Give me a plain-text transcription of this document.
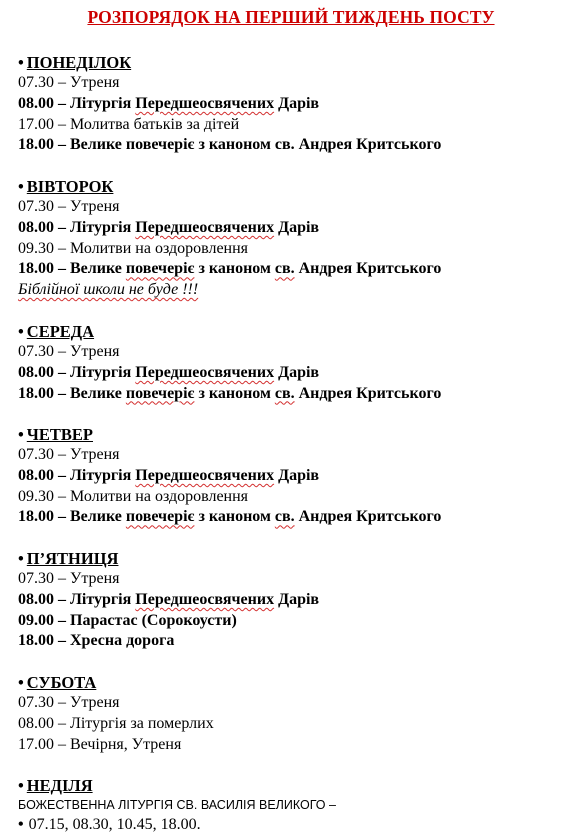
РОЗПОРЯДОК НА ПЕРШИЙ ТИЖДЕНЬ ПОСТУ
• ПОНЕДІЛОК
07.30 – Утреня
08.00 – Літургія Передшеосвячених Дарів
17.00 – Молитва батьків за дітей
18.00 – Велике повечеріє з каноном св. Андрея Критського
• ВІВТОРОК
07.30 – Утреня
08.00 – Літургія Передшеосвячених Дарів
09.30 – Молитви на оздоровлення
18.00 – Велике повечеріє з каноном св. Андрея Критського
Біблійної школи не буде !!!
• СЕРЕДА
07.30 – Утреня
08.00 – Літургія Передшеосвячених Дарів
18.00 – Велике повечеріє з каноном св. Андрея Критського
• ЧЕТВЕР
07.30 – Утреня
08.00 – Літургія Передшеосвячених Дарів
09.30 – Молитви на оздоровлення
18.00 – Велике повечеріє з каноном св. Андрея Критського
• П’ЯТНИЦЯ
07.30 – Утреня
08.00 – Літургія Передшеосвячених Дарів
09.00 – Парастас (Сорокоусти)
18.00 – Хресна дорога
• СУБОТА
07.30 – Утреня
08.00 – Літургія за померлих
17.00 – Вечірня, Утреня
• НЕДІЛЯ
БОЖЕСТВЕННА ЛІТУРГІЯ СВ. ВАСИЛІЯ ВЕЛИКОГО –
• 07.15, 08.30, 10.45, 18.00.
